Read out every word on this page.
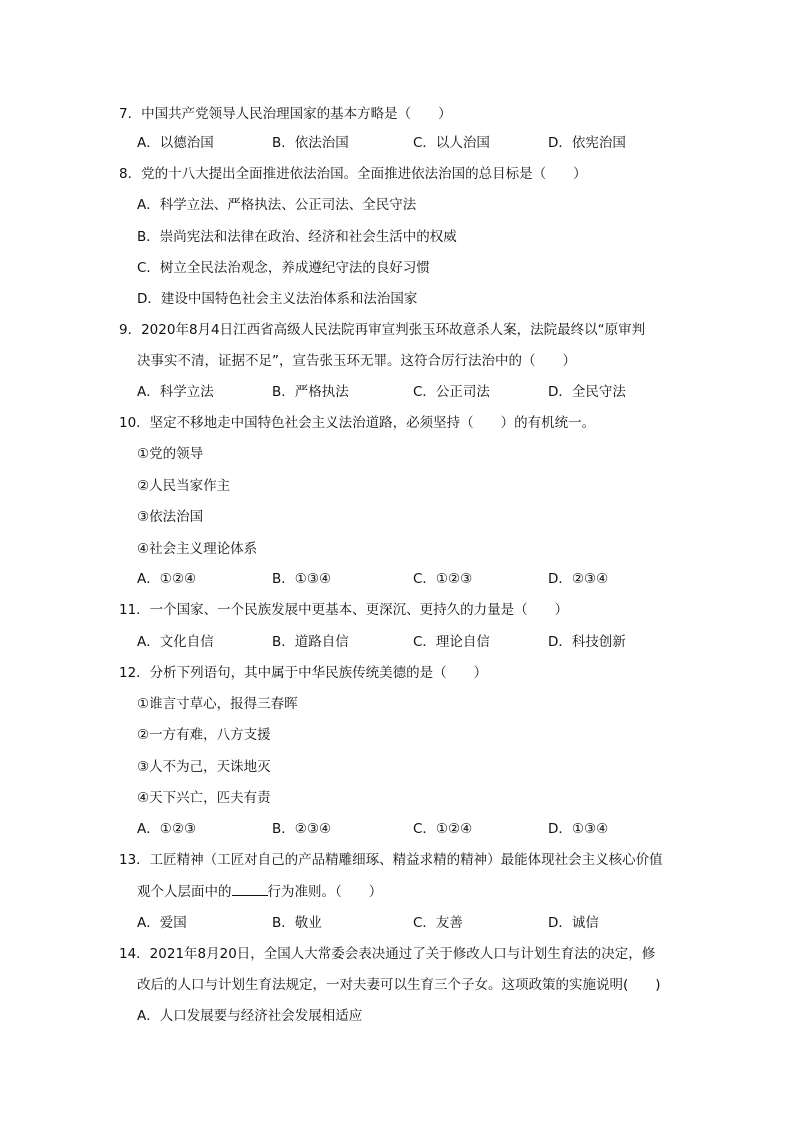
7．中国共产党领导人民治理国家的基本方略是（　　）
A．以德治国	B．依法治国	C．以人治国	D．依宪治国
8．党的十八大提出全面推进依法治国。全面推进依法治国的总目标是（　　）
A．科学立法、严格执法、公正司法、全民守法
B．崇尚宪法和法律在政治、经济和社会生活中的权威
C．树立全民法治观念，养成遵纪守法的良好习惯
D．建设中国特色社会主义法治体系和法治国家
9．2020年8月4日江西省高级人民法院再审宣判张玉环故意杀人案，法院最终以“原审判
决事实不清，证据不足”，宣告张玉环无罪。这符合厉行法治中的（　　）
A．科学立法	B．严格执法	C．公正司法	D．全民守法
10．坚定不移地走中国特色社会主义法治道路，必须坚持（　　）的有机统一。
①党的领导
②人民当家作主
③依法治国
④社会主义理论体系
A．①②④	B．①③④	C．①②③	D．②③④
11．一个国家、一个民族发展中更基本、更深沉、更持久的力量是（　　）
A．文化自信	B．道路自信	C．理论自信	D．科技创新
12．分析下列语句，其中属于中华民族传统美德的是（　　）
①谁言寸草心，报得三春晖
②一方有难，八方支援
③人不为己，天诛地灭
④天下兴亡，匹夫有责
A．①②③	B．②③④	C．①②④	D．①③④
13．工匠精神（工匠对自己的产品精雕细琢、精益求精的精神）最能体现社会主义核心价值
观个人层面中的	行为准则。（　　）
A．爱国	B．敬业	C．友善	D．诚信
14．2021年8月20日，全国人大常委会表决通过了关于修改人口与计划生育法的决定，修
改后的人口与计划生育法规定，一对夫妻可以生育三个子女。这项政策的实施说明(　　)
A．人口发展要与经济社会发展相适应
